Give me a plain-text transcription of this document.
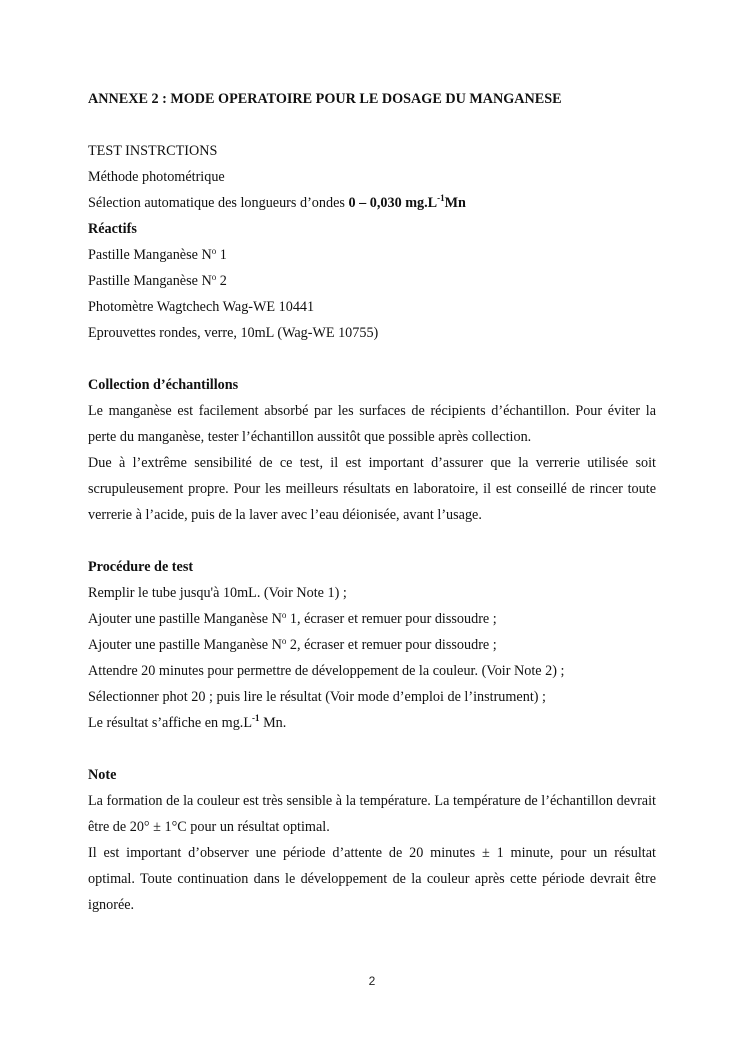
ANNEXE 2 : MODE OPERATOIRE POUR LE DOSAGE DU MANGANESE
TEST INSTRCTIONS
Méthode photométrique
Sélection automatique des longueurs d’ondes 0 – 0,030 $mg.L^{-1}Mn$
Réactifs
Pastille Manganèse $N^o$ 1
Pastille Manganèse $N^o$ 2
Photomètre Wagtchech Wag-WE 10441
Eprouvettes rondes, verre, 10mL (Wag-WE 10755)
Collection d’échantillons
Le manganèse est facilement absorbé par les surfaces de récipients d’échantillon. Pour éviter la perte du manganèse, tester l’échantillon aussitôt que possible après collection.
Due à l’extrême sensibilité de ce test, il est important d’assurer que la verrerie utilisée soit scrupuleusement propre. Pour les meilleurs résultats en laboratoire, il est conseillé de rincer toute verrerie à l’acide, puis de la laver avec l’eau déionisée, avant l’usage.
Procédure de test
Remplir le tube jusqu'à 10mL. (Voir Note 1) ;
Ajouter une pastille Manganèse $N^o$ 1, écraser et remuer pour dissoudre ;
Ajouter une pastille Manganèse $N^o$ 2, écraser et remuer pour dissoudre ;
Attendre 20 minutes pour permettre de développement de la couleur. (Voir Note 2) ;
Sélectionner phot 20 ; puis lire le résultat (Voir mode d’emploi de l’instrument) ;
Le résultat s’affiche en $mg.L^{-1}$ Mn.
Note
La formation de la couleur est très sensible à la température. La température de l’échantillon devrait être de 20° ± 1°C pour un résultat optimal.
Il est important d’observer une période d’attente de 20 minutes ± 1 minute, pour un résultat optimal. Toute continuation dans le développement de la couleur après cette période devrait être ignorée.
2
